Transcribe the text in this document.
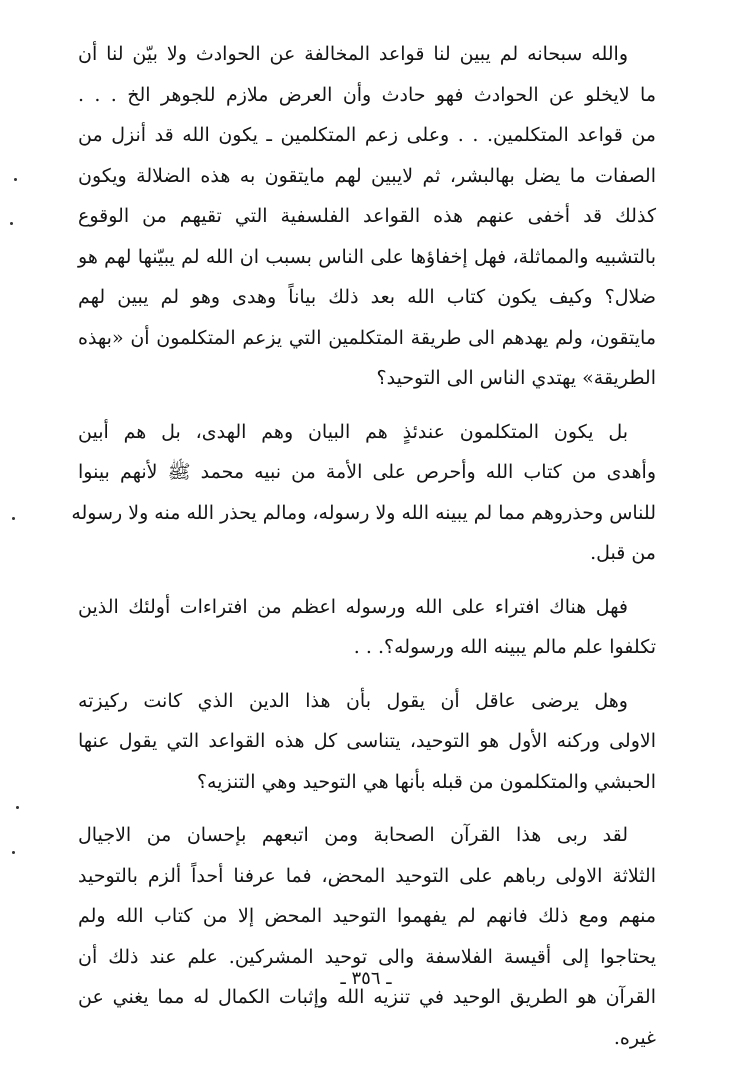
والله سبحانه لم يبين لنا قواعد المخالفة عن الحوادث ولا بيّن لنا أن
ما لايخلو عن الحوادث فهو حادث وأن العرض ملازم للجوهر الخ . . .
من قواعد المتكلمين. . . وعلى زعم المتكلمين ـ يكون الله قد أنزل من
الصفات ما يضل بهالبشر، ثم لايبين لهم مايتقون به هذه الضلالة ويكون
كذلك قد أخفى عنهم هذه القواعد الفلسفية التي تقيهم من الوقوع
بالتشبيه والمماثلة، فهل إخفاؤها على الناس بسبب ان الله لم يبيّنها لهم هو
ضلال؟ وكيف يكون كتاب الله بعد ذلك بياناً وهدى وهو لم يبين لهم
مايتقون، ولم يهدهم الى طريقة المتكلمين التي يزعم المتكلمون أن «بهذه
الطريقة» يهتدي الناس الى التوحيد؟

بل يكون المتكلمون عندئذٍ هم البيان وهم الهدى، بل هم أبين
وأهدى من كتاب الله وأحرص على الأمة من نبيه محمد ﷺ لأنهم بينوا
للناس وحذروهم مما لم يبينه الله ولا رسوله، ومالم يحذر الله منه ولا رسوله
من قبل.

فهل هناك افتراء على الله ورسوله اعظم من افتراءات أولئك الذين
تكلفوا علم مالم يبينه الله ورسوله؟. . .

وهل يرضى عاقل أن يقول بأن هذا الدين الذي كانت ركيزته
الاولى وركنه الأول هو التوحيد، يتناسى كل هذه القواعد التي يقول عنها
الحبشي والمتكلمون من قبله بأنها هي التوحيد وهي التنزيه؟

لقد ربى هذا القرآن الصحابة ومن اتبعهم بإحسان من الاجيال
الثلاثة الاولى رباهم على التوحيد المحض، فما عرفنا أحداً ألزم بالتوحيد
منهم ومع ذلك فانهم لم يفهموا التوحيد المحض إلا من كتاب الله ولم
يحتاجوا إلى أقيسة الفلاسفة والى توحيد المشركين. علم عند ذلك أن
القرآن هو الطريق الوحيد في تنزيه الله وإثبات الكمال له مما يغني عن
غيره.

ـ ٣٥٦ ـ
